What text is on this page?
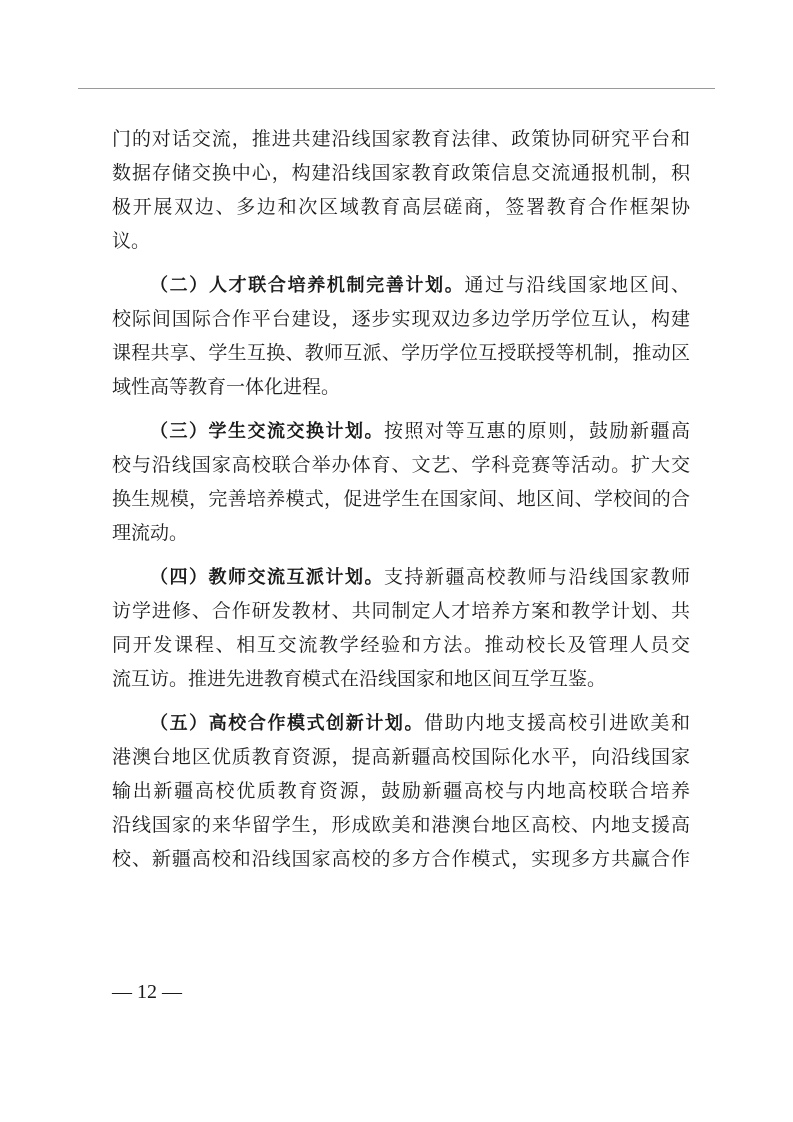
门的对话交流，推进共建沿线国家教育法律、政策协同研究平台和
数据存储交换中心，构建沿线国家教育政策信息交流通报机制，积
极开展双边、多边和次区域教育高层磋商，签署教育合作框架协
议。
（二）人才联合培养机制完善计划。通过与沿线国家地区间、
校际间国际合作平台建设，逐步实现双边多边学历学位互认，构建
课程共享、学生互换、教师互派、学历学位互授联授等机制，推动区
域性高等教育一体化进程。
（三）学生交流交换计划。按照对等互惠的原则，鼓励新疆高
校与沿线国家高校联合举办体育、文艺、学科竞赛等活动。扩大交
换生规模，完善培养模式，促进学生在国家间、地区间、学校间的合
理流动。
（四）教师交流互派计划。支持新疆高校教师与沿线国家教师
访学进修、合作研发教材、共同制定人才培养方案和教学计划、共
同开发课程、相互交流教学经验和方法。推动校长及管理人员交
流互访。推进先进教育模式在沿线国家和地区间互学互鉴。
（五）高校合作模式创新计划。借助内地支援高校引进欧美和
港澳台地区优质教育资源，提高新疆高校国际化水平，向沿线国家
输出新疆高校优质教育资源，鼓励新疆高校与内地高校联合培养
沿线国家的来华留学生，形成欧美和港澳台地区高校、内地支援高
校、新疆高校和沿线国家高校的多方合作模式，实现多方共赢合作
— 12 —
